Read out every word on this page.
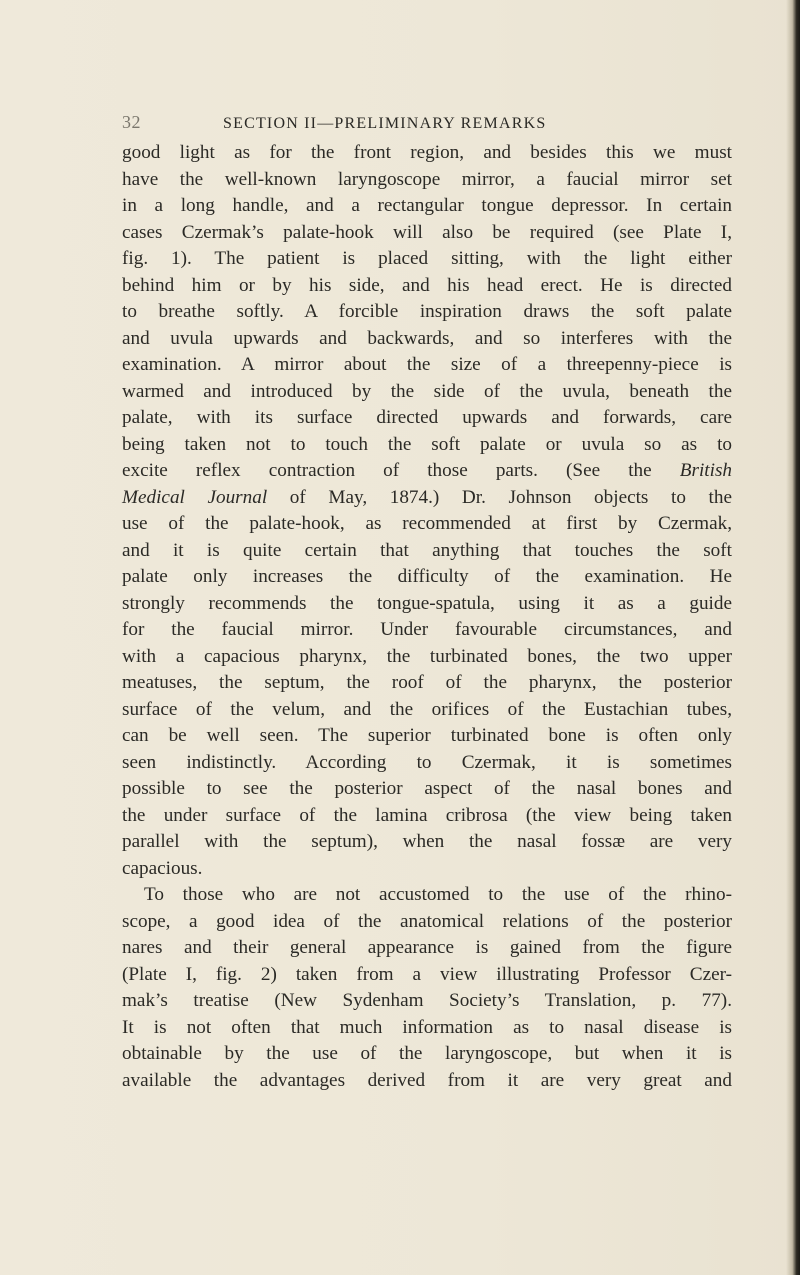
32	SECTION II—PRELIMINARY REMARKS

good light as for the front region, and besides this we must
have the well-known laryngoscope mirror, a faucial mirror set
in a long handle, and a rectangular tongue depressor. In certain
cases Czermak’s palate-hook will also be required (see Plate I,
fig. 1). The patient is placed sitting, with the light either
behind him or by his side, and his head erect. He is directed
to breathe softly. A forcible inspiration draws the soft palate
and uvula upwards and backwards, and so interferes with the
examination. A mirror about the size of a threepenny-piece is
warmed and introduced by the side of the uvula, beneath the
palate, with its surface directed upwards and forwards, care
being taken not to touch the soft palate or uvula so as to
excite reflex contraction of those parts. (See the British
Medical Journal of May, 1874.) Dr. Johnson objects to the
use of the palate-hook, as recommended at first by Czermak,
and it is quite certain that anything that touches the soft
palate only increases the difficulty of the examination. He
strongly recommends the tongue-spatula, using it as a guide
for the faucial mirror. Under favourable circumstances, and
with a capacious pharynx, the turbinated bones, the two upper
meatuses, the septum, the roof of the pharynx, the posterior
surface of the velum, and the orifices of the Eustachian tubes,
can be well seen. The superior turbinated bone is often only
seen indistinctly. According to Czermak, it is sometimes
possible to see the posterior aspect of the nasal bones and
the under surface of the lamina cribrosa (the view being taken
parallel with the septum), when the nasal fossæ are very
capacious.
To those who are not accustomed to the use of the rhino-
scope, a good idea of the anatomical relations of the posterior
nares and their general appearance is gained from the figure
(Plate I, fig. 2) taken from a view illustrating Professor Czer-
mak’s treatise (New Sydenham Society’s Translation, p. 77).
It is not often that much information as to nasal disease is
obtainable by the use of the laryngoscope, but when it is
available the advantages derived from it are very great and
